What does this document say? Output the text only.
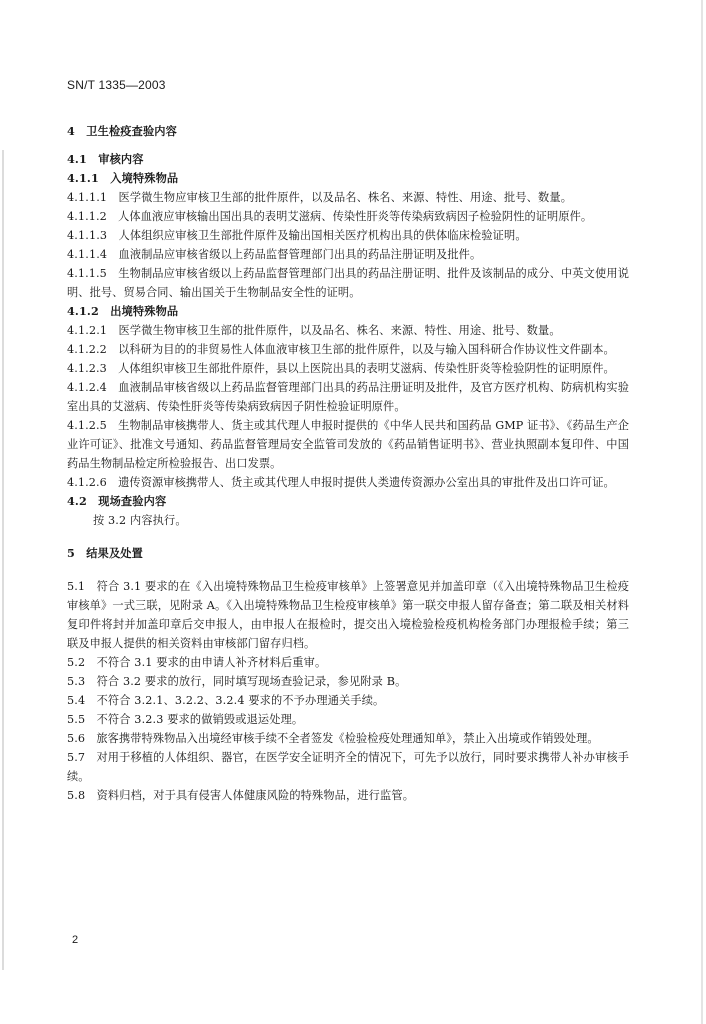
SN/T 1335—2003
4　卫生检疫查验内容
4.1　审核内容
4.1.1　入境特殊物品
4.1.1.1　医学微生物应审核卫生部的批件原件，以及品名、株名、来源、特性、用途、批号、数量。
4.1.1.2　人体血液应审核输出国出具的表明艾滋病、传染性肝炎等传染病致病因子检验阴性的证明原件。
4.1.1.3　人体组织应审核卫生部批件原件及输出国相关医疗机构出具的供体临床检验证明。
4.1.1.4　血液制品应审核省级以上药品监督管理部门出具的药品注册证明及批件。
4.1.1.5　生物制品应审核省级以上药品监督管理部门出具的药品注册证明、批件及该制品的成分、中英文使用说明、批号、贸易合同、输出国关于生物制品安全性的证明。
4.1.2　出境特殊物品
4.1.2.1　医学微生物审核卫生部的批件原件，以及品名、株名、来源、特性、用途、批号、数量。
4.1.2.2　以科研为目的的非贸易性人体血液审核卫生部的批件原件，以及与输入国科研合作协议性文件副本。
4.1.2.3　人体组织审核卫生部批件原件，县以上医院出具的表明艾滋病、传染性肝炎等检验阴性的证明原件。
4.1.2.4　血液制品审核省级以上药品监督管理部门出具的药品注册证明及批件，及官方医疗机构、防病机构实验室出具的艾滋病、传染性肝炎等传染病致病因子阴性检验证明原件。
4.1.2.5　生物制品审核携带人、货主或其代理人申报时提供的《中华人民共和国药品 GMP 证书》、《药品生产企业许可证》、批准文号通知、药品监督管理局安全监管司发放的《药品销售证明书》、营业执照副本复印件、中国药品生物制品检定所检验报告、出口发票。
4.1.2.6　遗传资源审核携带人、货主或其代理人申报时提供人类遗传资源办公室出具的审批件及出口许可证。
4.2　现场查验内容
按 3.2 内容执行。
5　结果及处置
5.1　符合 3.1 要求的在《入出境特殊物品卫生检疫审核单》上签署意见并加盖印章（《入出境特殊物品卫生检疫审核单》一式三联，见附录 A。《入出境特殊物品卫生检疫审核单》第一联交申报人留存备查；第二联及相关材料复印件将封并加盖印章后交申报人，由申报人在报检时，提交出入境检验检疫机构检务部门办理报检手续；第三联及申报人提供的相关资料由审核部门留存归档。
5.2　不符合 3.1 要求的由申请人补齐材料后重审。
5.3　符合 3.2 要求的放行，同时填写现场查验记录，参见附录 B。
5.4　不符合 3.2.1、3.2.2、3.2.4 要求的不予办理通关手续。
5.5　不符合 3.2.3 要求的做销毁或退运处理。
5.6　旅客携带特殊物品入出境经审核手续不全者签发《检验检疫处理通知单》，禁止入出境或作销毁处理。
5.7　对用于移植的人体组织、器官，在医学安全证明齐全的情况下，可先予以放行，同时要求携带人补办审核手续。
5.8　资料归档，对于具有侵害人体健康风险的特殊物品，进行监管。
2
